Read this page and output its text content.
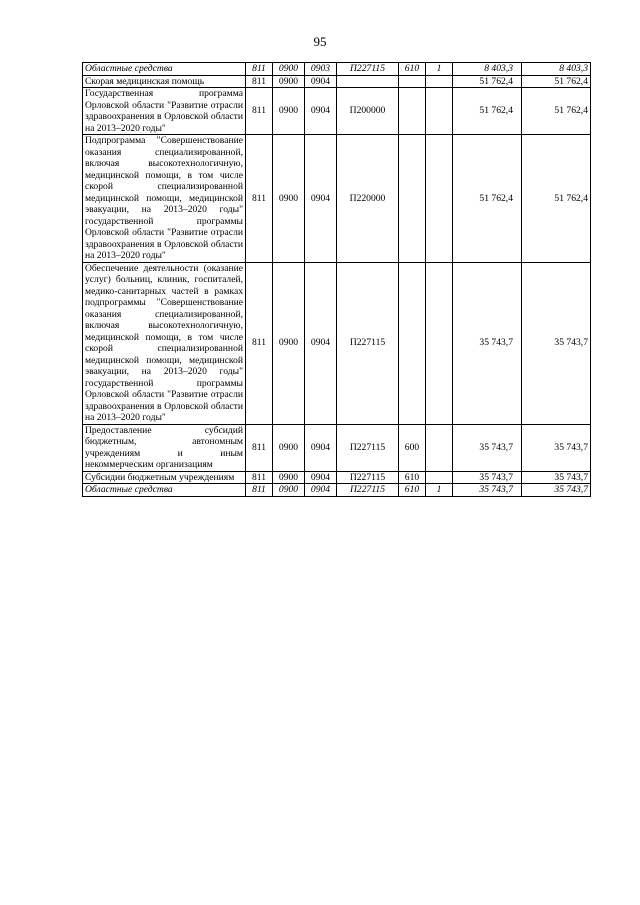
95
Областные средства	811	0900	0903	П227115	610	1	8 403,3	8 403,3
Скорая медицинская помощь	811	0900	0904				51 762,4	51 762,4
Государственная программа Орловской области "Развитие отрасли здравоохранения в Орловской области на 2013–2020 годы"	811	0900	0904	П200000			51 762,4	51 762,4
Подпрограмма "Совершенствование оказания специализированной, включая высокотехнологичную, медицинской помощи, в том числе скорой специализированной медицинской помощи, медицинской эвакуации, на 2013–2020 годы" государственной программы Орловской области "Развитие отрасли здравоохранения в Орловской области на 2013–2020 годы"	811	0900	0904	П220000			51 762,4	51 762,4
Обеспечение деятельности (оказание услуг) больниц, клиник, госпиталей, медико-санитарных частей в рамках подпрограммы "Совершенствование оказания специализированной, включая высокотехнологичную, медицинской помощи, в том числе скорой специализированной медицинской помощи, медицинской эвакуации, на 2013–2020 годы" государственной программы Орловской области "Развитие отрасли здравоохранения в Орловской области на 2013–2020 годы"	811	0900	0904	П227115			35 743,7	35 743,7
Предоставление субсидий бюджетным, автономным учреждениям и иным некоммерческим организациям	811	0900	0904	П227115	600		35 743,7	35 743,7
Субсидии бюджетным учреждениям	811	0900	0904	П227115	610		35 743,7	35 743,7
Областные средства	811	0900	0904	П227115	610	1	35 743,7	35 743,7
